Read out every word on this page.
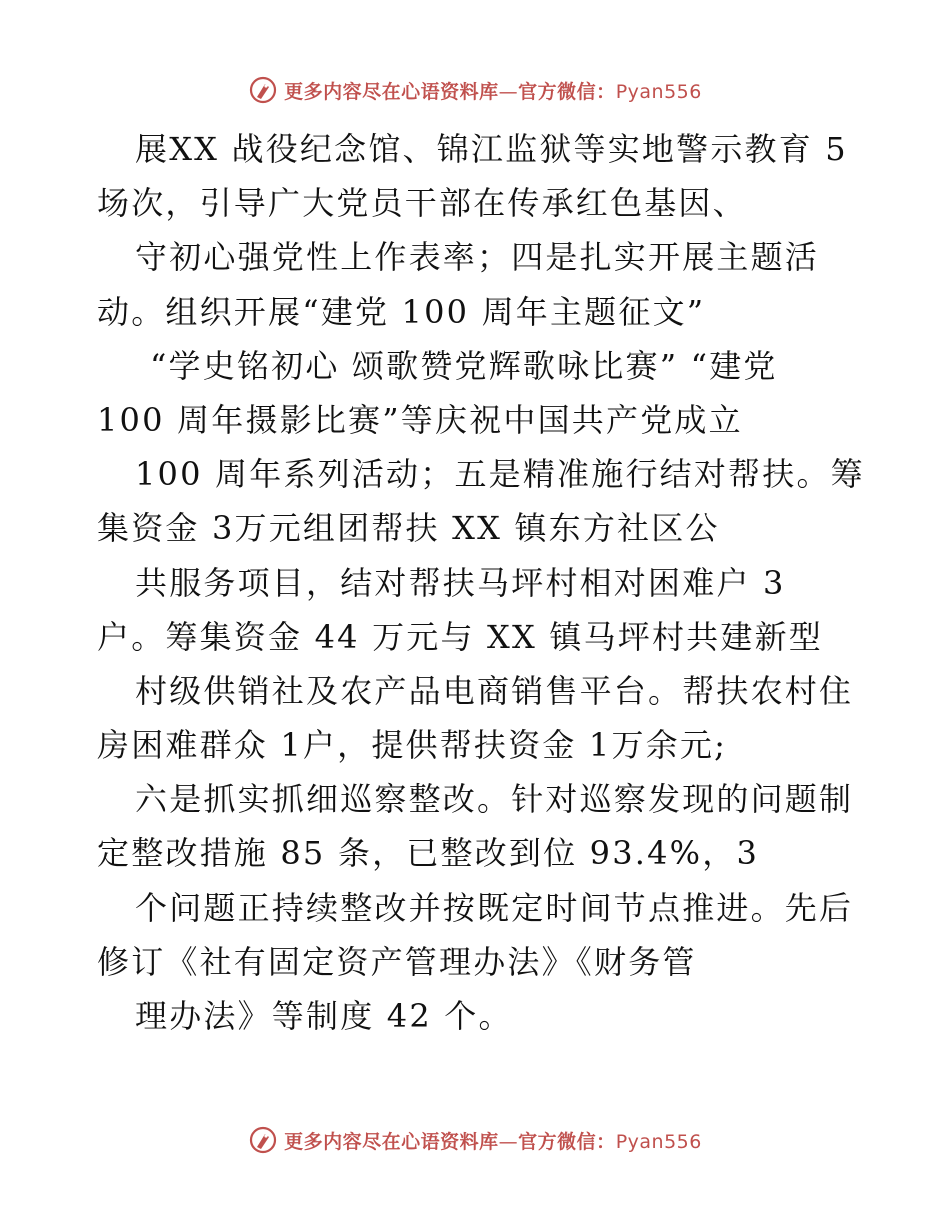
更多内容尽在心语资料库—官方微信：Pyan556
展XX 战役纪念馆、锦江监狱等实地警示教育 5
场次，引导广大党员干部在传承红色基因、
守初心强党性上作表率；四是扎实开展主题活
动。组织开展“建党 100 周年主题征文”
“学史铭初心 颂歌赞党辉歌咏比赛” “建党
100 周年摄影比赛”等庆祝中国共产党成立
100 周年系列活动；五是精准施行结对帮扶。筹
集资金 3万元组团帮扶 XX 镇东方社区公
共服务项目，结对帮扶马坪村相对困难户 3
户。筹集资金 44 万元与 XX 镇马坪村共建新型
村级供销社及农产品电商销售平台。帮扶农村住
房困难群众 1户，提供帮扶资金 1万余元;
六是抓实抓细巡察整改。针对巡察发现的问题制
定整改措施 85 条，已整改到位 93.4%，3
个问题正持续整改并按既定时间节点推进。先后
修订《社有固定资产管理办法》《财务管
理办法》等制度 42 个。
更多内容尽在心语资料库—官方微信：Pyan556
